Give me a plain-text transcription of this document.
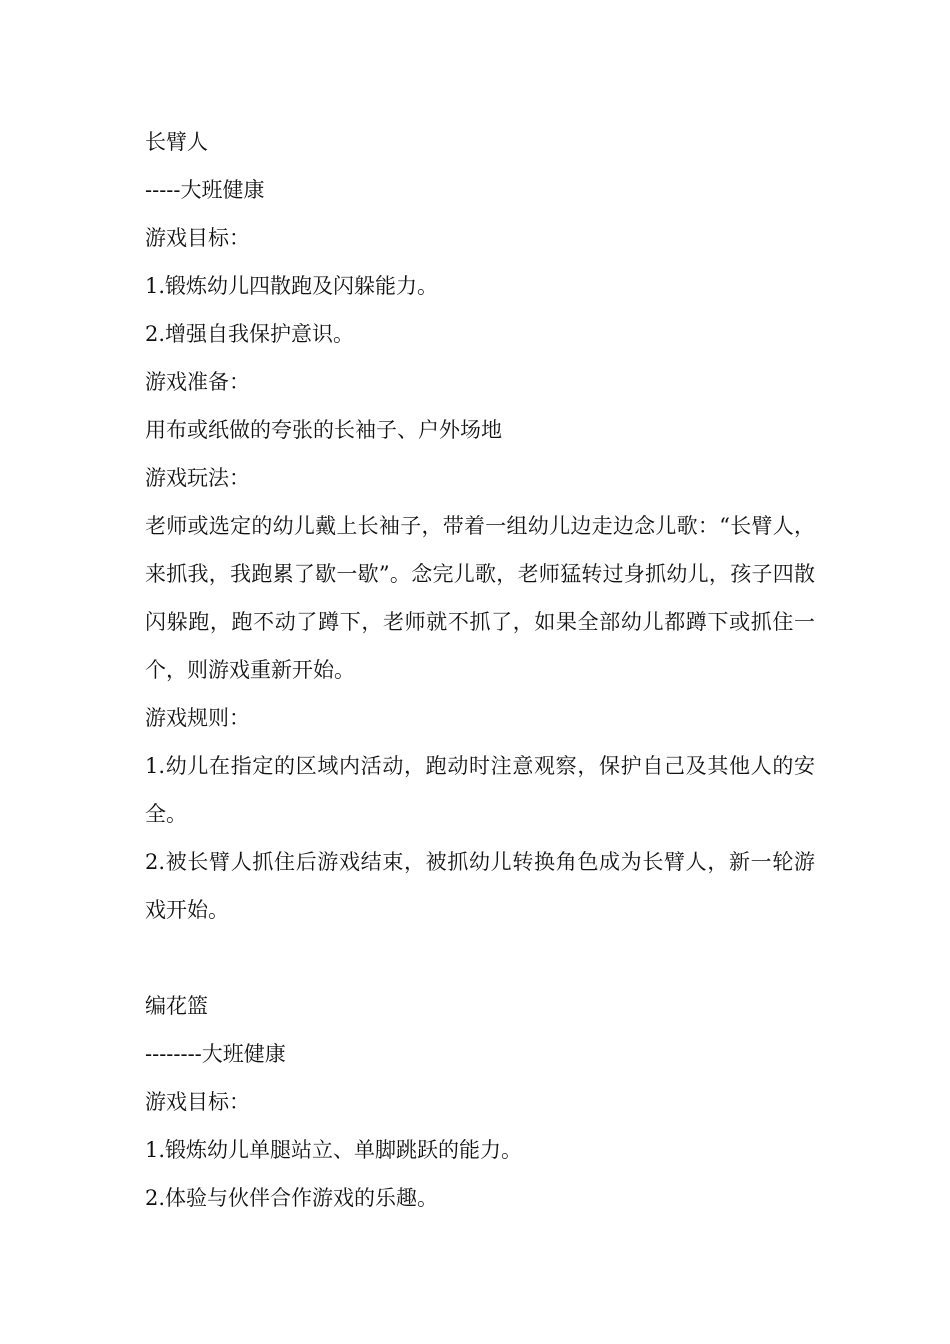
长臂人

-----大班健康

游戏目标：

1.锻炼幼儿四散跑及闪躲能力。

2.增强自我保护意识。

游戏准备：

用布或纸做的夸张的长袖子、户外场地

游戏玩法：

老师或选定的幼儿戴上长袖子，带着一组幼儿边走边念儿歌：“长臂人，来抓我，我跑累了歇一歇”。念完儿歌，老师猛转过身抓幼儿，孩子四散闪躲跑，跑不动了蹲下，老师就不抓了，如果全部幼儿都蹲下或抓住一个，则游戏重新开始。

游戏规则：

1.幼儿在指定的区域内活动，跑动时注意观察，保护自己及其他人的安全。

2.被长臂人抓住后游戏结束，被抓幼儿转换角色成为长臂人，新一轮游戏开始。

编花篮

--------大班健康

游戏目标：

1.锻炼幼儿单腿站立、单脚跳跃的能力。

2.体验与伙伴合作游戏的乐趣。
